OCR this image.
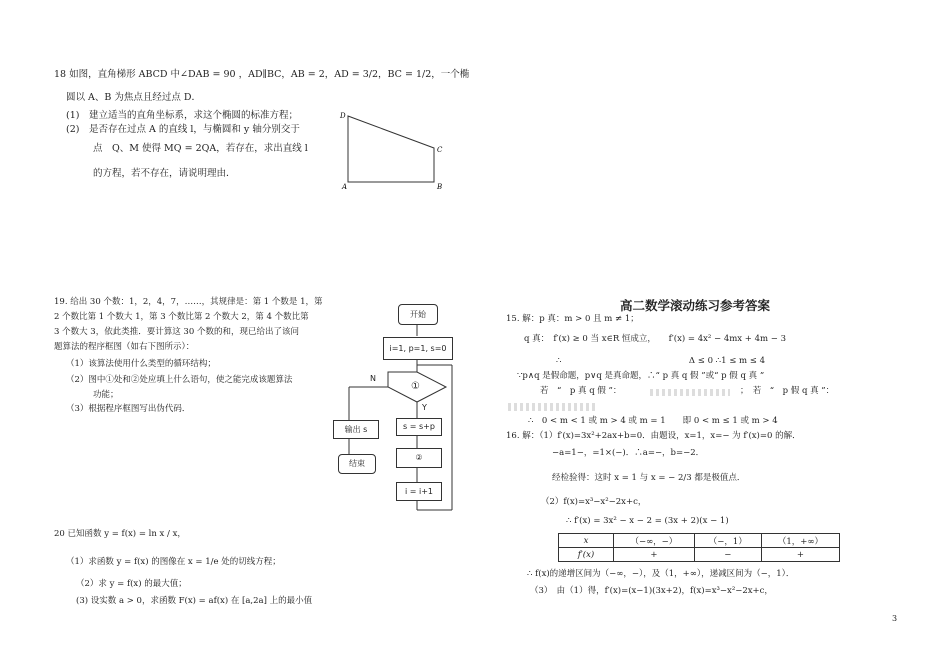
18 如图，直角梯形 ABCD 中∠DAB = 90 ，AD∥BC，AB = 2，AD = 3/2，BC = 1/2，一个椭
圆以 A、B 为焦点且经过点 D．
(1)　建立适当的直角坐标系，求这个椭圆的标准方程；
(2)　是否存在过点 A 的直线 l，与椭圆和 y 轴分别交于
点　Q、M 使得 MQ = 2QA，若存在，求出直线 l
的方程，若不存在，请说明理由．
D
C
A	B
19. 给出 30 个数：1，2，4，7，……，其规律是：第 1 个数是 1，第
2 个数比第 1 个数大 1，第 3 个数比第 2 个数大 2，第 4 个数比第
3 个数大 3，依此类推．要计算这 30 个数的和，现已给出了该问
题算法的程序框图（如右下图所示）：
（1）该算法使用什么类型的循环结构；
（2）图中①处和②处应填上什么语句，使之能完成该题算法
功能；
（3）根据程序框图写出伪代码．
开始
i=1, p=1, s=0
①
N
Y
输出 s
结束
s = s+p
②
i = i+1
20 已知函数 y = f(x) = ln x / x，
（1）求函数 y = f(x) 的图像在 x = 1/e 处的切线方程；
（2）求 y = f(x) 的最大值；
(3) 设实数 a > 0，求函数 F(x) = af(x) 在 [a,2a] 上的最小值
高二数学滚动练习参考答案
15. 解：p 真：m > 0 且 m ≠ 1；
q 真：　f′(x) ≥ 0 当 x∈R 恒成立，　　f′(x) = 4x² − 4mx + 4m − 3
∴　　　　　　　　　　　　　　　Δ ≤ 0 ∴1 ≤ m ≤ 4
∵p∧q 是假命题，p∨q 是真命题，∴“ p 真 q 假 ”或“ p 假 q 真 ”
若　“　p 真 q 假 ”：	；　若　“　p 假 q 真 ”：
∴　0 < m < 1 或 m > 4 或 m = 1　　即 0 < m ≤ 1 或 m > 4
16. 解：（1）f′(x)=3x²+2ax+b=0．由题设，x=1，x=− 为 f′(x)=0 的解．
−a=1−，=1×(−)．∴a=−，b=−2．
经检验得：这时 x = 1 与 x = − 2/3 都是极值点．
（2）f(x)=x³−x²−2x+c，
∴ f′(x) = 3x² − x − 2 = (3x + 2)(x − 1)
x	（−∞，−）	（−，1）	（1，+∞）
f′(x)	+	−	+
∴ f(x)的递增区间为（−∞，−），及（1，+∞），递减区间为（−，1）．
（3）　由（1）得，f′(x)=(x−1)(3x+2)，f(x)=x³−x²−2x+c，
3
